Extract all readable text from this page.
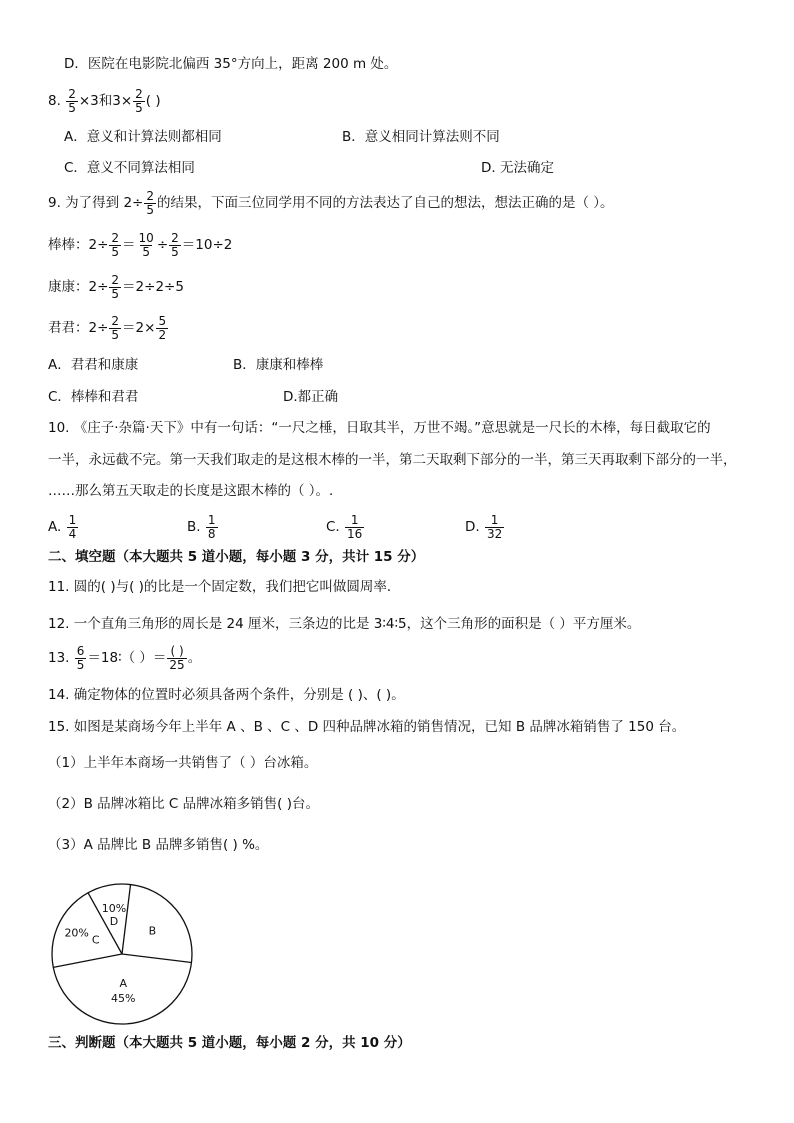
D．医院在电影院北偏西 35°方向上，距离 200 m 处。
8. $\frac{2}{5} \times 3$和$3\times \frac{2}{5}$ ( )
A．意义和计算法则都相同	B．意义相同计算法则不同
C．意义不同算法相同	D. 无法确定
9. 为了得到 $2\div \frac{2}{5}$ 的结果，下面三位同学用不同的方法表达了自己的想法，想法正确的是（ ）。
棒棒：$2\div \frac{2}{5} = \frac{10}{5} \div \frac{2}{5} =10\div 2$
康康：$2\div \frac{2}{5} =2\div 2\div 5$
君君：$2\div \frac{2}{5} =2\times \frac{5}{2}$
A．君君和康康	B．康康和棒棒
C．棒棒和君君	D.都正确
10. 《庄子·杂篇·天下》中有一句话：“一尺之棰，日取其半，万世不竭。”意思就是一尺长的木棒，每日截取它的
一半，永远截不完。第一天我们取走的是这根木棒的一半，第二天取剩下部分的一半，第三天再取剩下部分的一半，
……那么第五天取走的长度是这跟木棒的（ ）。.
A. $\frac{1}{4}$	B. $\frac{1}{8}$	C. $\frac{1}{16}$	D. $\frac{1}{32}$
二、填空题（本大题共 5 道小题，每小题 3 分，共计 15 分）
11. 圆的( )与( )的比是一个固定数，我们把它叫做圆周率．
12. 一个直角三角形的周长是 24 厘米，三条边的比是 3∶4∶5，这个三角形的面积是（ ）平方厘米。
13. $\frac{6}{5}$ ＝18∶（ ）＝ $\frac{( )}{25}$ 。
14. 确定物体的位置时必须具备两个条件，分别是 ( )、( )。
15. 如图是某商场今年上半年 A 、B 、C 、D 四种品牌冰箱的销售情况，已知 B 品牌冰箱销售了 150 台。
（1）上半年本商场一共销售了（ ）台冰箱。
（2）B 品牌冰箱比 C 品牌冰箱多销售( )台。
（3）A 品牌比 B 品牌多销售( ) %。
B
45%
A
20%
C
10%
D
三、判断题（本大题共 5 道小题，每小题 2 分，共 10 分）
